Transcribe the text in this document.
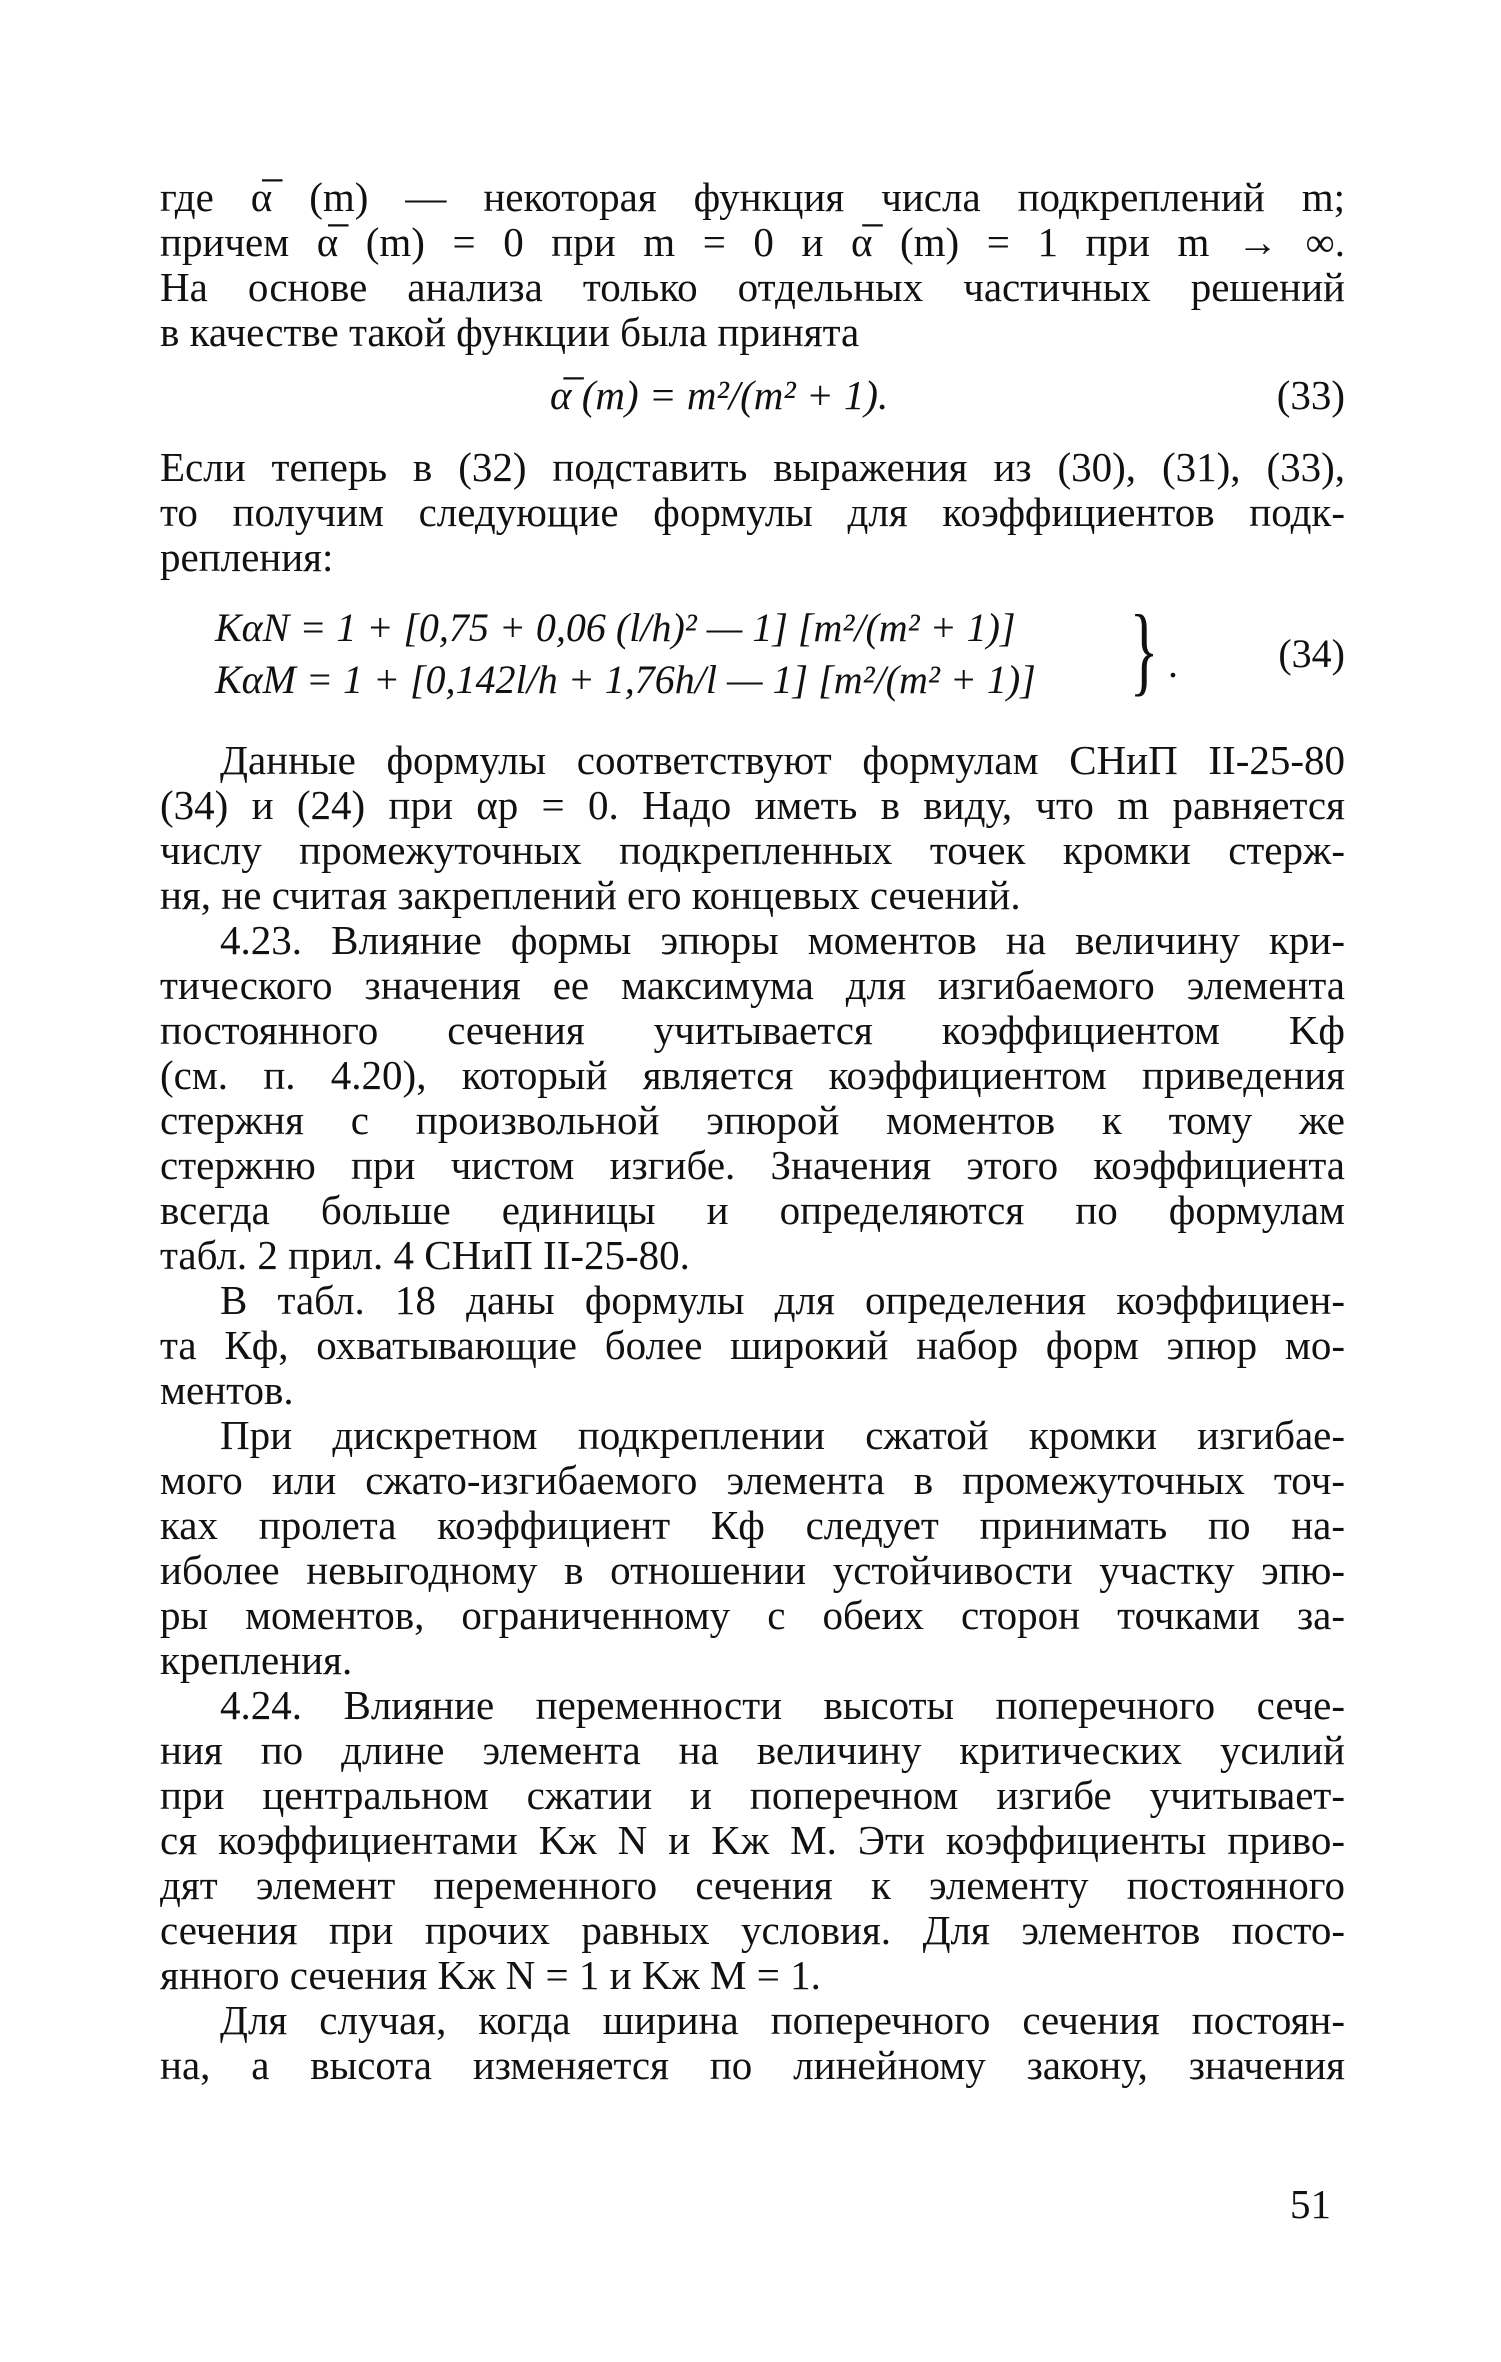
где α̅ (m) — некоторая функция числа подкреплений m;
причем α̅ (m) = 0 при m = 0 и α̅ (m) = 1 при m → ∞.
На основе анализа только отдельных частичных решений
в качестве такой функции была принята
α̅ (m) = m²/(m² + 1).	(33)
Если теперь в (32) подставить выражения из (30), (31), (33),
то получим следующие формулы для коэффициентов подк-
репления:
KαN = 1 + [0,75 + 0,06 (l/h)² — 1] [m²/(m² + 1)]
KαM = 1 + [0,142l/h + 1,76h/l — 1] [m²/(m² + 1)] } .	(34)
Данные формулы соответствуют формулам СНиП II-25-80
(34) и (24) при αp = 0. Надо иметь в виду, что m равняется
числу промежуточных подкрепленных точек кромки стерж-
ня, не считая закреплений его концевых сечений.
4.23. Влияние формы эпюры моментов на величину кри-
тического значения ее максимума для изгибаемого элемента
постоянного сечения учитывается коэффициентом Kф
(см. п. 4.20), который является коэффициентом приведения
стержня с произвольной эпюрой моментов к тому же
стержню при чистом изгибе. Значения этого коэффициента
всегда больше единицы и определяются по формулам
табл. 2 прил. 4 СНиП II-25-80.
В табл. 18 даны формулы для определения коэффициен-
та Кф, охватывающие более широкий набор форм эпюр мо-
ментов.
При дискретном подкреплении сжатой кромки изгибае-
мого или сжато-изгибаемого элемента в промежуточных точ-
ках пролета коэффициент Кф следует принимать по на-
иболее невыгодному в отношении устойчивости участку эпю-
ры моментов, ограниченному с обеих сторон точками за-
крепления.
4.24. Влияние переменности высоты поперечного сече-
ния по длине элемента на величину критических усилий
при центральном сжатии и поперечном изгибе учитывает-
ся коэффициентами Kж N и Kж M. Эти коэффициенты приво-
дят элемент переменного сечения к элементу постоянного
сечения при прочих равных условия. Для элементов посто-
янного сечения Kж N = 1 и Kж M = 1.
Для случая, когда ширина поперечного сечения постоян-
на, а высота изменяется по линейному закону, значения
51
